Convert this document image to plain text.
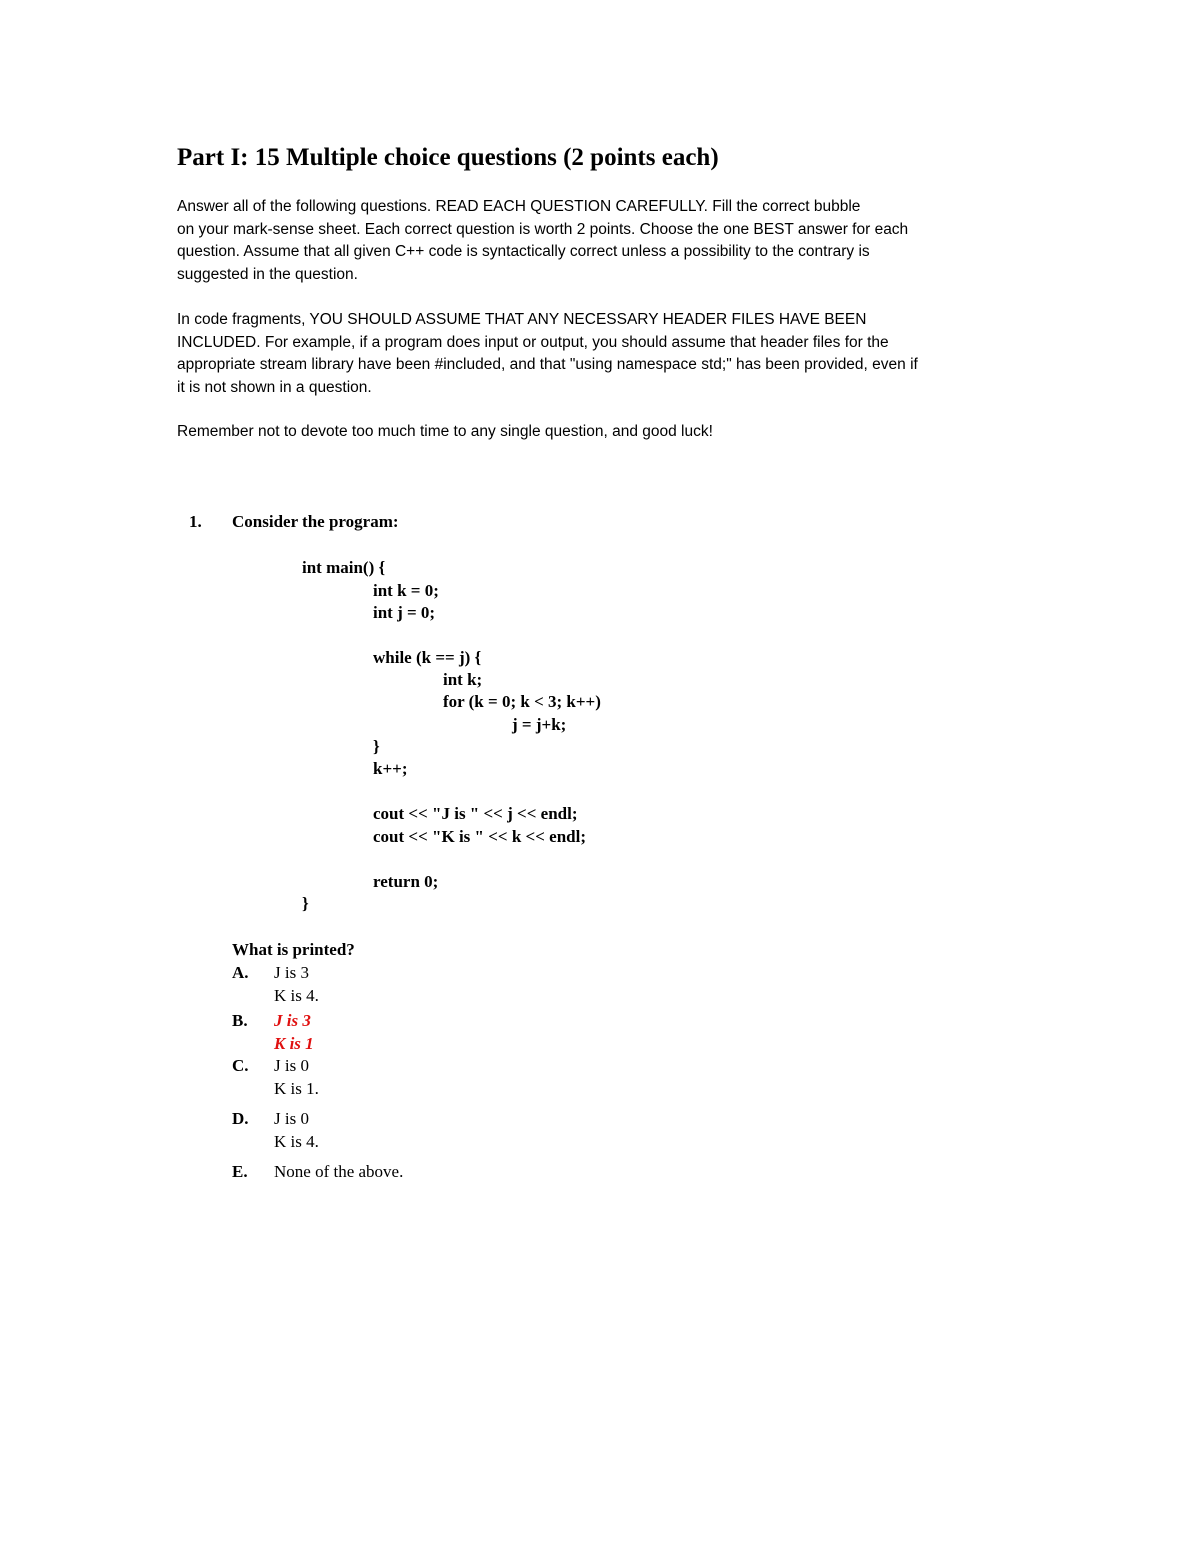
Part I: 15 Multiple choice questions (2 points each)
Answer all of the following questions. READ EACH QUESTION CAREFULLY. Fill the correct bubble
on your mark-sense sheet. Each correct question is worth 2 points. Choose the one BEST answer for each
question. Assume that all given C++ code is syntactically correct unless a possibility to the contrary is
suggested in the question.
In code fragments, YOU SHOULD ASSUME THAT ANY NECESSARY HEADER FILES HAVE BEEN
INCLUDED. For example, if a program does input or output, you should assume that header files for the
appropriate stream library have been #included, and that "using namespace std;" has been provided, even if
it is not shown in a question.
Remember not to devote too much time to any single question, and good luck!
1. Consider the program:
int main() {
int k = 0;
int j = 0;
while (k == j) {
int k;
for (k = 0; k < 3; k++)
j = j+k;
}
k++;
cout << "J is " << j << endl;
cout << "K is " << k << endl;
return 0;
}
What is printed?
A. J is 3
K is 4.
B. J is 3
K is 1
C. J is 0
K is 1.
D. J is 0
K is 4.
E. None of the above.
